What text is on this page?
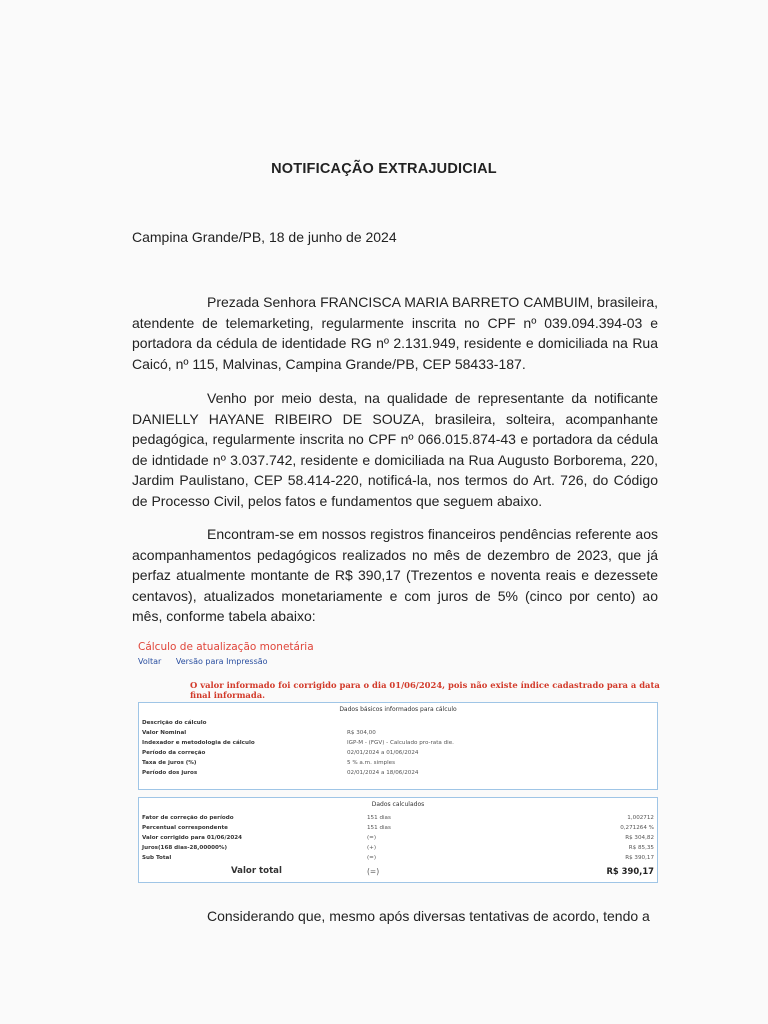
NOTIFICAÇÃO EXTRAJUDICIAL
Campina Grande/PB, 18 de junho de 2024
Prezada Senhora FRANCISCA MARIA BARRETO CAMBUIM, brasileira, atendente de telemarketing, regularmente inscrita no CPF nº 039.094.394-03 e portadora da cédula de identidade RG nº 2.131.949, residente e domiciliada na Rua Caicó, nº 115, Malvinas, Campina Grande/PB, CEP 58433-187.
Venho por meio desta, na qualidade de representante da notificante DANIELLY HAYANE RIBEIRO DE SOUZA, brasileira, solteira, acompanhante pedagógica, regularmente inscrita no CPF nº 066.015.874-43 e portadora da cédula de idntidade nº 3.037.742, residente e domiciliada na Rua Augusto Borborema, 220, Jardim Paulistano, CEP 58.414-220, notificá-la, nos termos do Art. 726, do Código de Processo Civil, pelos fatos e fundamentos que seguem abaixo.
Encontram-se em nossos registros financeiros pendências referente aos acompanhamentos pedagógicos realizados no mês de dezembro de 2023, que já perfaz atualmente montante de R$ 390,17 (Trezentos e noventa reais e dezessete centavos), atualizados monetariamente e com juros de 5% (cinco por cento) ao mês, conforme tabela abaixo:
Cálculo de atualização monetária
Voltar Versão para Impressão
O valor informado foi corrigido para o dia 01/06/2024, pois não existe índice cadastrado para a data final informada.
Dados básicos informados para cálculo
Descrição do cálculo
Valor Nominal	R$ 304,00
Indexador e metodologia de cálculo	IGP-M - (FGV) - Calculado pro-rata die.
Período da correção	02/01/2024 a 01/06/2024
Taxa de juros (%)	5 % a.m. simples
Período dos juros	02/01/2024 a 18/06/2024
Dados calculados
Fator de correção do período	151 dias	1,002712
Percentual correspondente	151 dias	0,271264 %
Valor corrigido para 01/06/2024	(=)	R$ 304,82
Juros(168 dias-28,00000%)	(+)	R$ 85,35
Sub Total	(=)	R$ 390,17
Valor total	(=)	R$ 390,17
Considerando que, mesmo após diversas tentativas de acordo, tendo a
